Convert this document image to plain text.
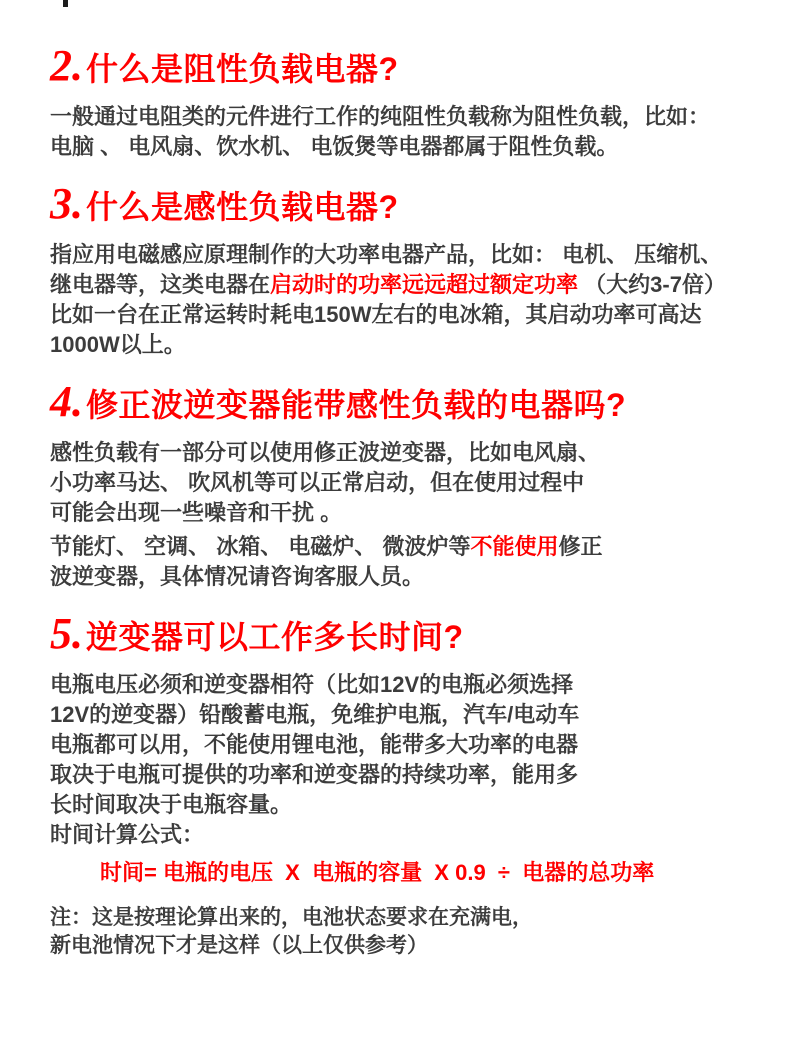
2.什么是阻性负载电器?
一般通过电阻类的元件进行工作的纯阻性负载称为阻性负载，比如：
电脑 、 电风扇、饮水机、 电饭煲等电器都属于阻性负载。
3.什么是感性负载电器?
指应用电磁感应原理制作的大功率电器产品，比如： 电机、 压缩机、
继电器等，这类电器在启动时的功率远远超过额定功率 （大约3-7倍）
比如一台在正常运转时耗电150W左右的电冰箱，其启动功率可高达
1000W以上。
4.修正波逆变器能带感性负载的电器吗?
感性负载有一部分可以使用修正波逆变器，比如电风扇、
小功率马达、 吹风机等可以正常启动，但在使用过程中
可能会出现一些噪音和干扰 。
节能灯、 空调、 冰箱、 电磁炉、 微波炉等不能使用修正
波逆变器，具体情况请咨询客服人员。
5.逆变器可以工作多长时间?
电瓶电压必须和逆变器相符（比如12V的电瓶必须选择
12V的逆变器）铅酸蓄电瓶，免维护电瓶，汽车/电动车
电瓶都可以用，不能使用锂电池，能带多大功率的电器
取决于电瓶可提供的功率和逆变器的持续功率，能用多
长时间取决于电瓶容量。
时间计算公式：
时间= 电瓶的电压  X  电瓶的容量  X 0.9  ÷  电器的总功率
注：这是按理论算出来的，电池状态要求在充满电，
新电池情况下才是这样（以上仅供参考）
